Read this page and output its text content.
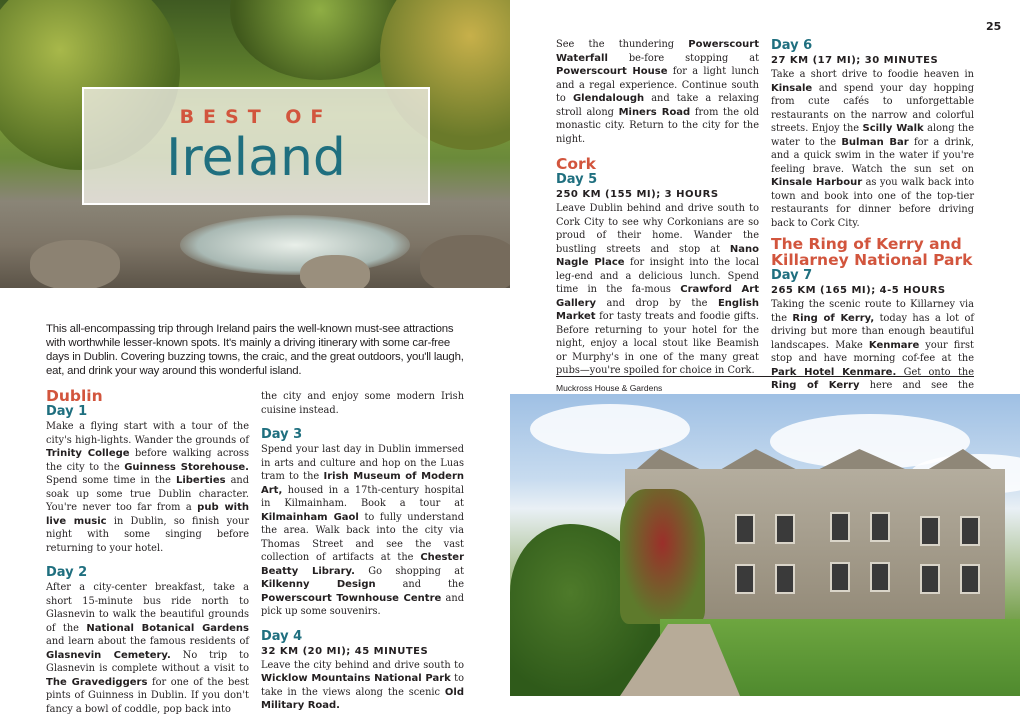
25
BEST OF
Ireland

This all-encompassing trip through Ireland pairs the well-known must-see attractions with worthwhile lesser-known spots. It's mainly a driving itinerary with some car-free days in Dublin. Covering buzzing towns, the craic, and the great outdoors, you'll laugh, eat, and drink your way around this wonderful island.

Dublin

Day 1

Make a flying start with a tour of the city's high-lights. Wander the grounds of Trinity College before walking across the city to the Guinness Storehouse. Spend some time in the Liberties and soak up some true Dublin character. You're never too far from a pub with live music in Dublin, so finish your night with some singing before returning to your hotel.

Day 2

After a city-center breakfast, take a short 15-minute bus ride north to Glasnevin to walk the beautiful grounds of the National Botanical Gardens and learn about the famous residents of Glasnevin Cemetery. No trip to Glasnevin is complete without a visit to The Gravediggers for one of the best pints of Guinness in Dublin. If you don't fancy a bowl of coddle, pop back into

the city and enjoy some modern Irish cuisine instead.

Day 3

Spend your last day in Dublin immersed in arts and culture and hop on the Luas tram to the Irish Museum of Modern Art, housed in a 17th-century hospital in Kilmainham. Book a tour at Kilmainham Gaol to fully understand the area. Walk back into the city via Thomas Street and see the vast collection of artifacts at the Chester Beatty Library. Go shopping at Kilkenny Design and the Powerscourt Townhouse Centre and pick up some souvenirs.

Day 4

32 KM (20 MI); 45 MINUTES

Leave the city behind and drive south to Wicklow Mountains National Park to take in the views along the scenic Old Military Road.

See the thundering Powerscourt Waterfall be-fore stopping at Powerscourt House for a light lunch and a regal experience. Continue south to Glendalough and take a relaxing stroll along Miners Road from the old monastic city. Return to the city for the night.

Cork

Day 5

250 KM (155 MI); 3 HOURS

Leave Dublin behind and drive south to Cork City to see why Corkonians are so proud of their home. Wander the bustling streets and stop at Nano Nagle Place for insight into the local leg-end and a delicious lunch. Spend time in the fa-mous Crawford Art Gallery and drop by the English Market for tasty treats and foodie gifts. Before returning to your hotel for the night, enjoy a local stout like Beamish or Murphy's in one of the many great pubs—you're spoiled for choice in Cork.

Day 6

27 KM (17 MI); 30 MINUTES

Take a short drive to foodie heaven in Kinsale and spend your day hopping from cute cafés to unforgettable restaurants on the narrow and colorful streets. Enjoy the Scilly Walk along the water to the Bulman Bar for a drink, and a quick swim in the water if you're feeling brave. Watch the sun set on Kinsale Harbour as you walk back into town and book into one of the top-tier restaurants for dinner before driving back to Cork City.

The Ring of Kerry and Killarney National Park

Day 7

265 KM (165 MI); 4-5 HOURS

Taking the scenic route to Killarney via the Ring of Kerry, today has a lot of driving but more than enough beautiful landscapes. Make Kenmare your first stop and have morning cof-fee at the Park Hotel Kenmare. Get onto the Ring of Kerry here and see the

Muckross House & Gardens
